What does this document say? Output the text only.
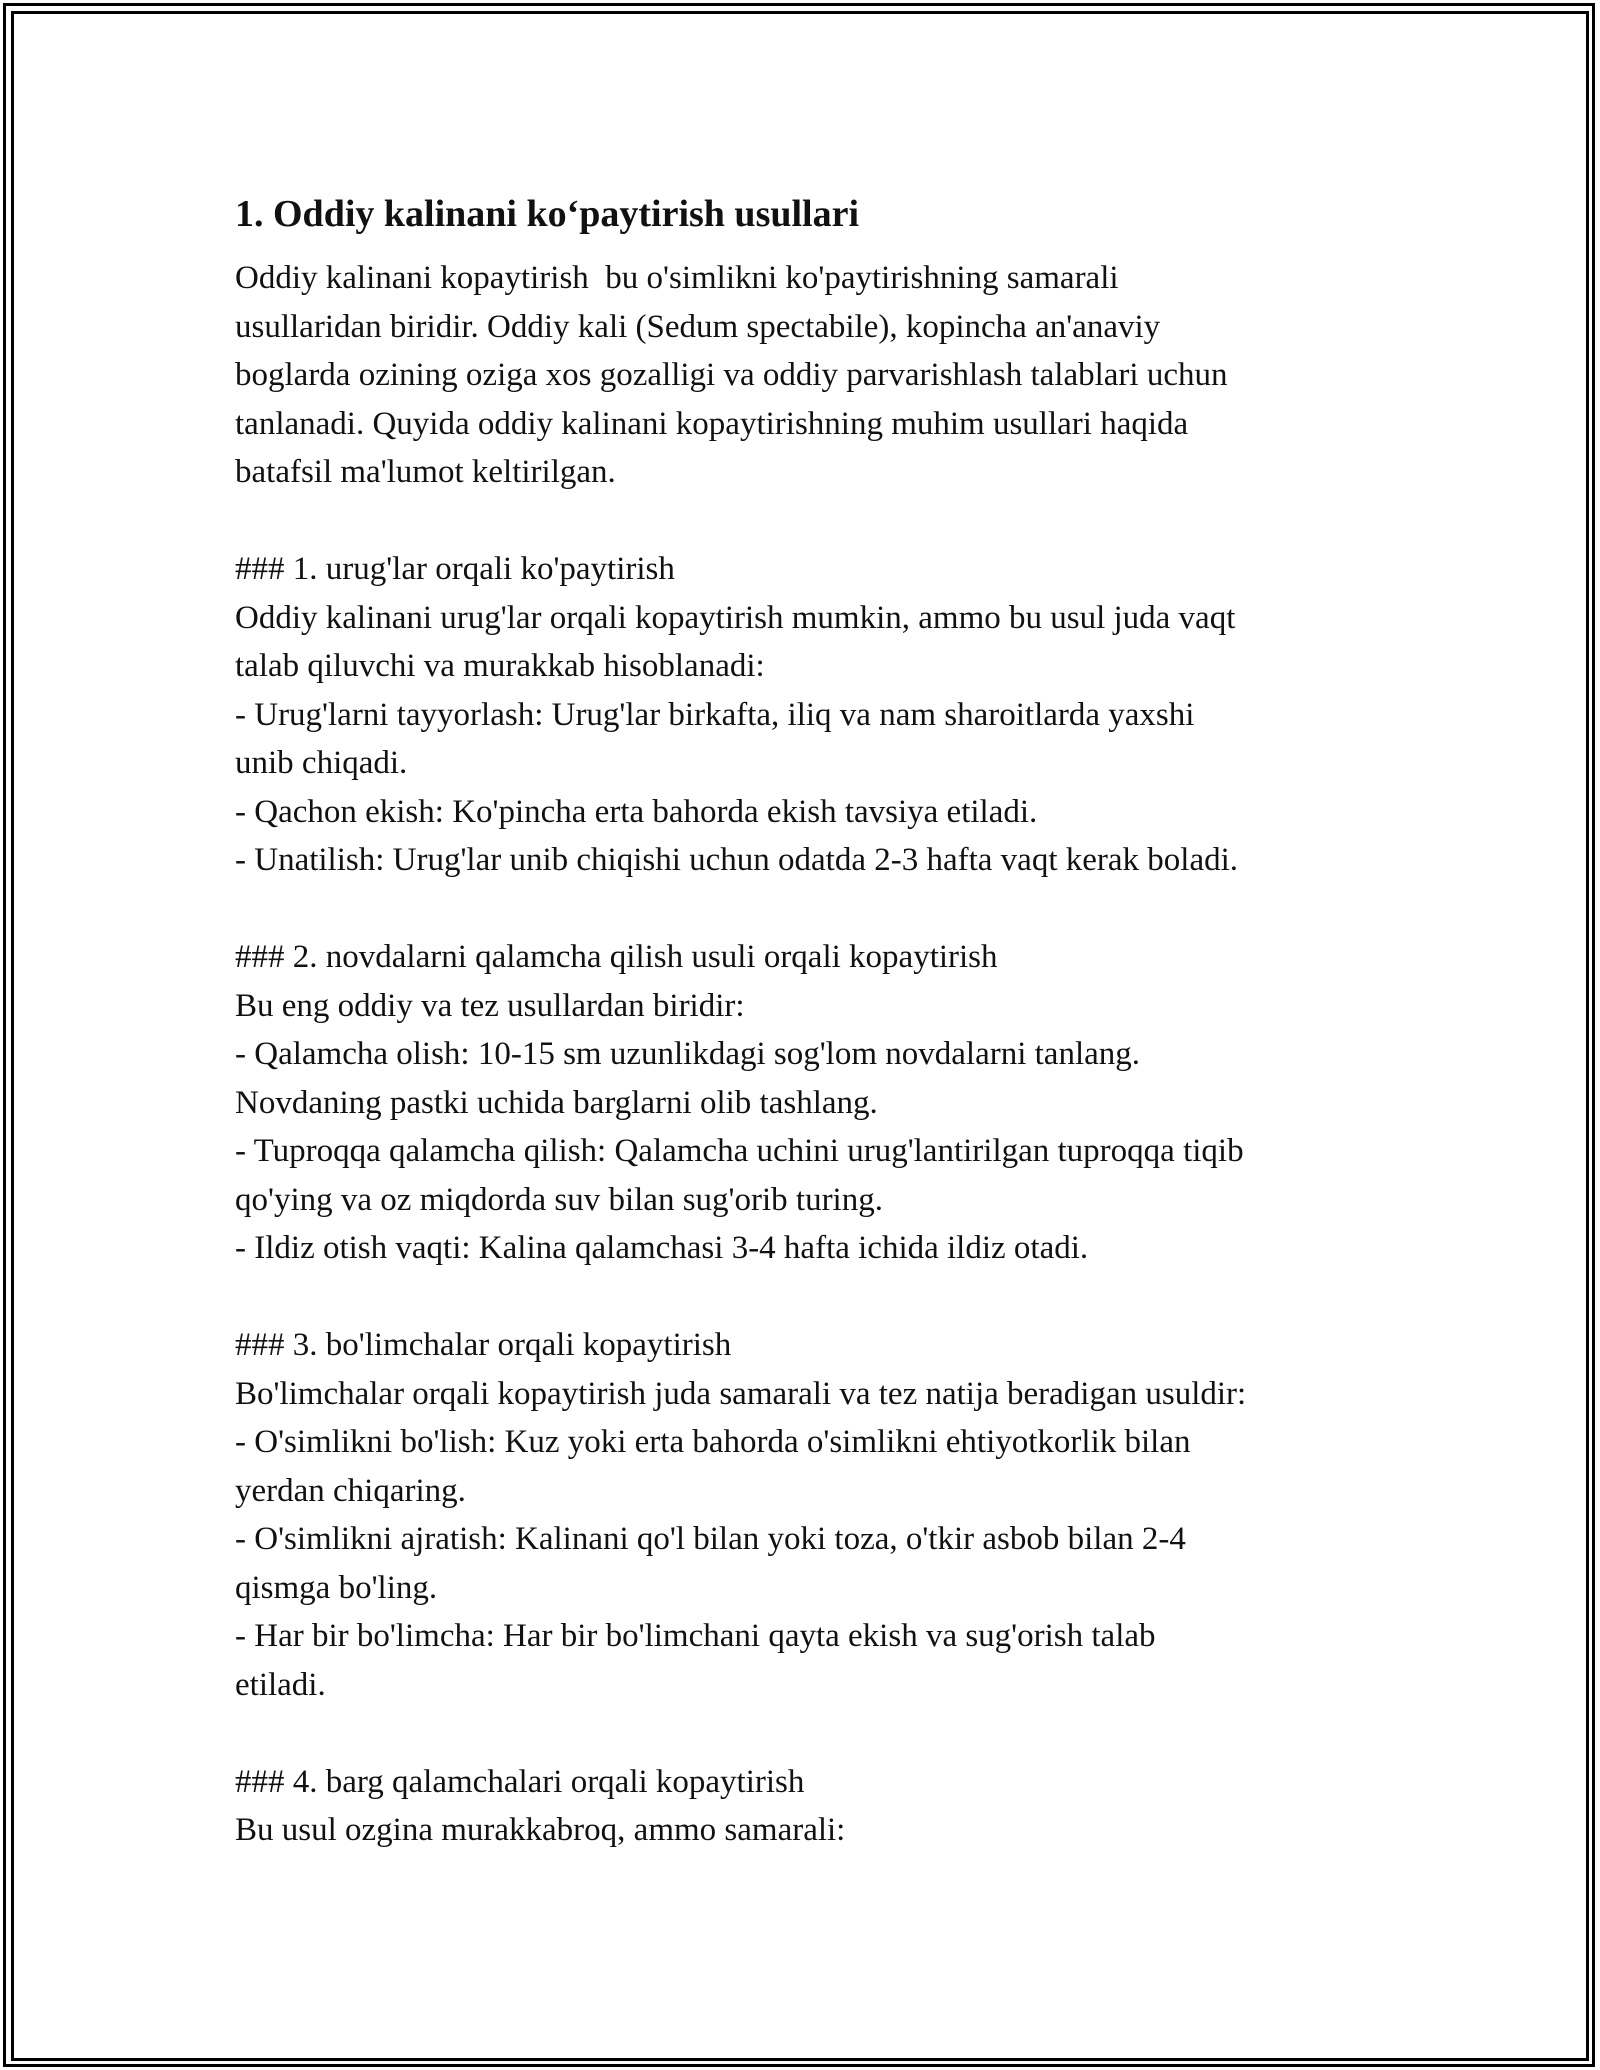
1. Oddiy kalinani ko‘paytirish usullari

Oddiy kalinani kopaytirish  bu o'simlikni ko'paytirishning samarali
usullaridan biridir. Oddiy kali (Sedum spectabile), kopincha an'anaviy
boglarda ozining oziga xos gozalligi va oddiy parvarishlash talablari uchun
tanlanadi. Quyida oddiy kalinani kopaytirishning muhim usullari haqida
batafsil ma'lumot keltirilgan.

### 1. urug'lar orqali ko'paytirish
Oddiy kalinani urug'lar orqali kopaytirish mumkin, ammo bu usul juda vaqt
talab qiluvchi va murakkab hisoblanadi:
- Urug'larni tayyorlash: Urug'lar birkafta, iliq va nam sharoitlarda yaxshi
unib chiqadi.
- Qachon ekish: Ko'pincha erta bahorda ekish tavsiya etiladi.
- Unatilish: Urug'lar unib chiqishi uchun odatda 2-3 hafta vaqt kerak boladi.
### 2. novdalarni qalamcha qilish usuli orqali kopaytirish
Bu eng oddiy va tez usullardan biridir:
- Qalamcha olish: 10-15 sm uzunlikdagi sog'lom novdalarni tanlang.
Novdaning pastki uchida barglarni olib tashlang.
- Tuproqqa qalamcha qilish: Qalamcha uchini urug'lantirilgan tuproqqa tiqib
qo'ying va oz miqdorda suv bilan sug'orib turing.
- Ildiz otish vaqti: Kalina qalamchasi 3-4 hafta ichida ildiz otadi.
### 3. bo'limchalar orqali kopaytirish
Bo'limchalar orqali kopaytirish juda samarali va tez natija beradigan usuldir:
- O'simlikni bo'lish: Kuz yoki erta bahorda o'simlikni ehtiyotkorlik bilan
yerdan chiqaring.
- O'simlikni ajratish: Kalinani qo'l bilan yoki toza, o'tkir asbob bilan 2-4
qismga bo'ling.
- Har bir bo'limcha: Har bir bo'limchani qayta ekish va sug'orish talab
etiladi.
### 4. barg qalamchalari orqali kopaytirish
Bu usul ozgina murakkabroq, ammo samarali:
